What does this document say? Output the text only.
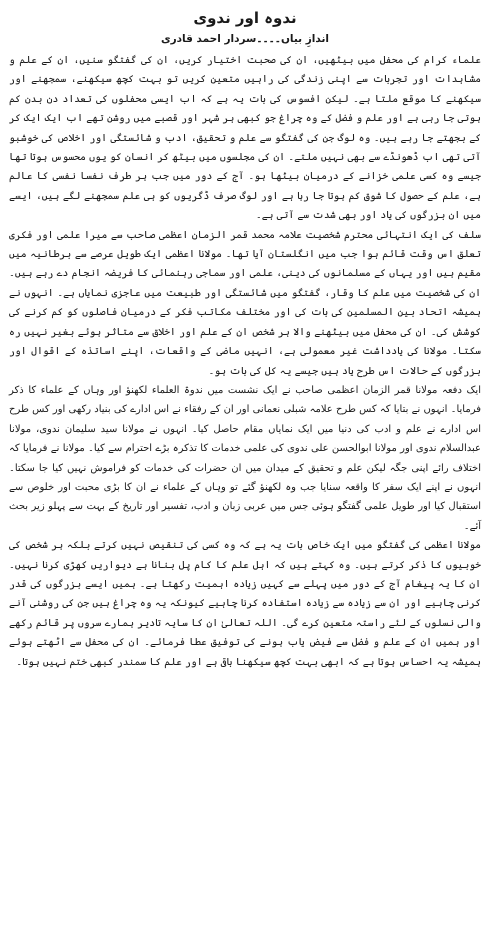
ندوہ اور ندوی
اندازِ بیاں۔۔۔۔سردار احمد قادری

علماء کرام کی محفل میں بیٹھیں، ان کی صحبت اختیار کریں، ان کی گفتگو سنیں، ان کے علم و مشاہدات اور تجربات سے اپنی زندگی کی راہیں متعین کریں تو بہت کچھ سیکھنے، سمجھنے اور سیکھنے کا موقع ملتا ہے۔ لیکن افسوس کی بات یہ ہے کہ اب ایسی محفلوں کی تعداد دن بدن کم ہوتی جا رہی ہے اور علم و فضل کے وہ چراغ جو کبھی ہر شہر اور قصبے میں روشن تھے اب ایک ایک کر کے بجھتے جا رہے ہیں۔ وہ لوگ جن کی گفتگو سے علم و تحقیق، ادب و شائستگی اور اخلاص کی خوشبو آتی تھی اب ڈھونڈے سے بھی نہیں ملتے۔ ان کی مجلسوں میں بیٹھ کر انسان کو یوں محسوس ہوتا تھا جیسے وہ کسی علمی خزانے کے درمیان بیٹھا ہو۔ آج کے دور میں جب ہر طرف نفسا نفسی کا عالم ہے، علم کے حصول کا شوق کم ہوتا جا رہا ہے اور لوگ صرف ڈگریوں کو ہی علم سمجھنے لگے ہیں، ایسے میں ان بزرگوں کی یاد اور بھی شدت سے آتی ہے۔

سلف کی ایک انتہائی محترم شخصیت علامہ محمد قمر الزمان اعظمی صاحب سے میرا علمی اور فکری تعلق اس وقت قائم ہوا جب میں انگلستان آیا تھا۔ مولانا اعظمی ایک طویل عرصے سے برطانیہ میں مقیم ہیں اور یہاں کے مسلمانوں کی دینی، علمی اور سماجی رہنمائی کا فریضہ انجام دے رہے ہیں۔ ان کی شخصیت میں علم کا وقار، گفتگو میں شائستگی اور طبیعت میں عاجزی نمایاں ہے۔ انہوں نے ہمیشہ اتحاد بین المسلمین کی بات کی اور مختلف مکاتب فکر کے درمیان فاصلوں کو کم کرنے کی کوشش کی۔ ان کی محفل میں بیٹھنے والا ہر شخص ان کے علم اور اخلاق سے متاثر ہوئے بغیر نہیں رہ سکتا۔ مولانا کی یادداشت غیر معمولی ہے، انہیں ماضی کے واقعات، اپنے اساتذہ کے اقوال اور بزرگوں کے حالات اس طرح یاد ہیں جیسے یہ کل کی بات ہو۔

ایک دفعہ مولانا قمر الزمان اعظمی صاحب نے ایک نشست میں ندوۃ العلماء لکھنؤ اور وہاں کے علماء کا ذکر فرمایا۔ انہوں نے بتایا کہ کس طرح علامہ شبلی نعمانی اور ان کے رفقاء نے اس ادارے کی بنیاد رکھی اور کس طرح اس ادارے نے علم و ادب کی دنیا میں ایک نمایاں مقام حاصل کیا۔ انہوں نے مولانا سید سلیمان ندوی، مولانا عبدالسلام ندوی اور مولانا ابوالحسن علی ندوی کی علمی خدمات کا تذکرہ بڑے احترام سے کیا۔ مولانا نے فرمایا کہ اختلاف رائے اپنی جگہ لیکن علم و تحقیق کے میدان میں ان حضرات کی خدمات کو فراموش نہیں کیا جا سکتا۔ انہوں نے اپنے ایک سفر کا واقعہ سنایا جب وہ لکھنؤ گئے تو وہاں کے علماء نے ان کا بڑی محبت اور خلوص سے استقبال کیا اور طویل علمی گفتگو ہوئی جس میں عربی زبان و ادب، تفسیر اور تاریخ کے بہت سے پہلو زیر بحث آئے۔

مولانا اعظمی کی گفتگو میں ایک خاص بات یہ ہے کہ وہ کسی کی تنقیص نہیں کرتے بلکہ ہر شخص کی خوبیوں کا ذکر کرتے ہیں۔ وہ کہتے ہیں کہ اہل علم کا کام پل بنانا ہے دیواریں کھڑی کرنا نہیں۔ ان کا یہ پیغام آج کے دور میں پہلے سے کہیں زیادہ اہمیت رکھتا ہے۔ ہمیں ایسے بزرگوں کی قدر کرنی چاہیے اور ان سے زیادہ سے زیادہ استفادہ کرنا چاہیے کیونکہ یہ وہ چراغ ہیں جن کی روشنی آنے والی نسلوں کے لئے راستہ متعین کرے گی۔ اللہ تعالیٰ ان کا سایہ تادیر ہمارے سروں پر قائم رکھے اور ہمیں ان کے علم و فضل سے فیض یاب ہونے کی توفیق عطا فرمائے۔ ان کی محفل سے اٹھتے ہوئے ہمیشہ یہ احساس ہوتا ہے کہ ابھی بہت کچھ سیکھنا باقی ہے اور علم کا سمندر کبھی ختم نہیں ہوتا۔
